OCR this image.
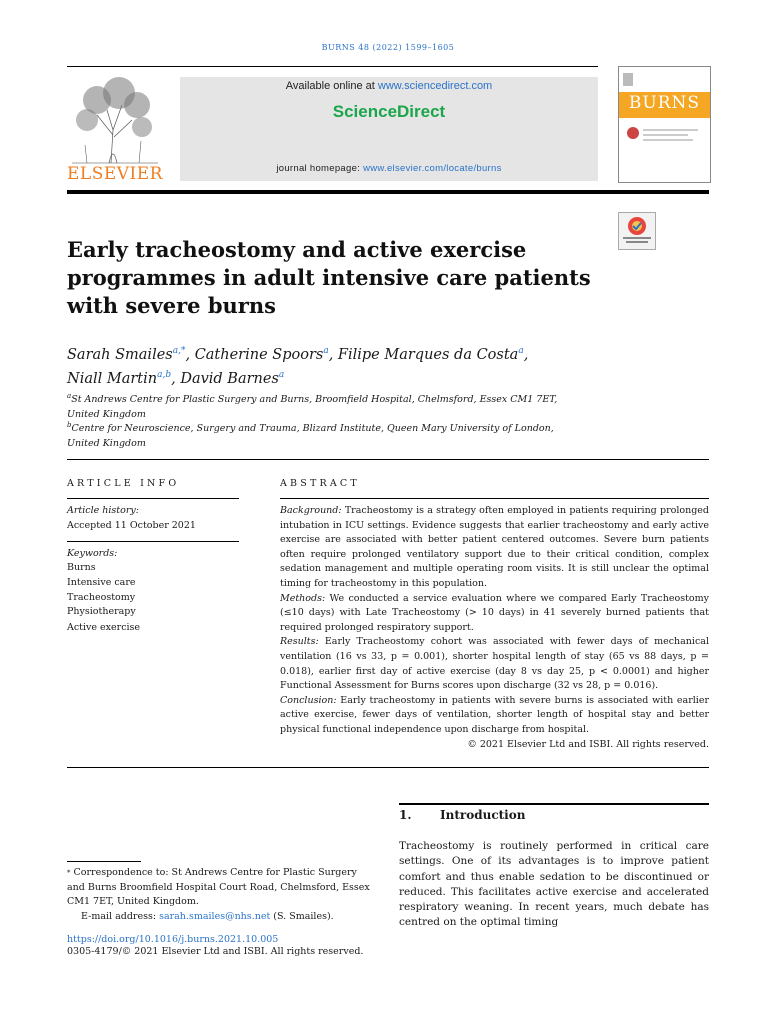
BURNS 48 (2022) 1599–1605
ELSEVIER
Available online at www.sciencedirect.com
ScienceDirect
journal homepage: www.elsevier.com/locate/burns
BURNS
Early tracheostomy and active exercise programmes in adult intensive care patients with severe burns
Sarah Smailes$^{a,*}$, Catherine Spoors$^a$, Filipe Marques da Costa$^a$,
Niall Martin$^{a,b}$, David Barnes$^a$
$^a$St Andrews Centre for Plastic Surgery and Burns, Broomfield Hospital, Chelmsford, Essex CM1 7ET, United Kingdom
$^b$Centre for Neuroscience, Surgery and Trauma, Blizard Institute, Queen Mary University of London, United Kingdom
ARTICLE INFO
Article history:
Accepted 11 October 2021
Keywords:
Burns
Intensive care
Tracheostomy
Physiotherapy
Active exercise
ABSTRACT

Background: Tracheostomy is a strategy often employed in patients requiring prolonged intubation in ICU settings. Evidence suggests that earlier tracheostomy and early active exercise are associated with better patient centered outcomes. Severe burn patients often require prolonged ventilatory support due to their critical condition, complex sedation management and multiple operating room visits. It is still unclear the optimal timing for tracheostomy in this population.

Methods: We conducted a service evaluation where we compared Early Tracheostomy (≤10 days) with Late Tracheostomy (> 10 days) in 41 severely burned patients that required prolonged respiratory support.

Results: Early Tracheostomy cohort was associated with fewer days of mechanical ventilation (16 vs 33, p = 0.001), shorter hospital length of stay (65 vs 88 days, p = 0.018), earlier first day of active exercise (day 8 vs day 25, p < 0.0001) and higher Functional Assessment for Burns scores upon discharge (32 vs 28, p = 0.016).

Conclusion: Early tracheostomy in patients with severe burns is associated with earlier active exercise, fewer days of ventilation, shorter length of hospital stay and better physical functional independence upon discharge from hospital.

© 2021 Elsevier Ltd and ISBI. All rights reserved.

1. Introduction
Tracheostomy is routinely performed in critical care settings. One of its advantages is to improve patient comfort and thus enable sedation to be discontinued or reduced. This facilitates active exercise and accelerated respiratory weaning. In recent years, much debate has centred on the optimal timing
* Correspondence to: St Andrews Centre for Plastic Surgery and Burns Broomfield Hospital Court Road, Chelmsford, Essex CM1 7ET, United Kingdom.
E-mail address: sarah.smailes@nhs.net (S. Smailes).
https://doi.org/10.1016/j.burns.2021.10.005
0305-4179/© 2021 Elsevier Ltd and ISBI. All rights reserved.
